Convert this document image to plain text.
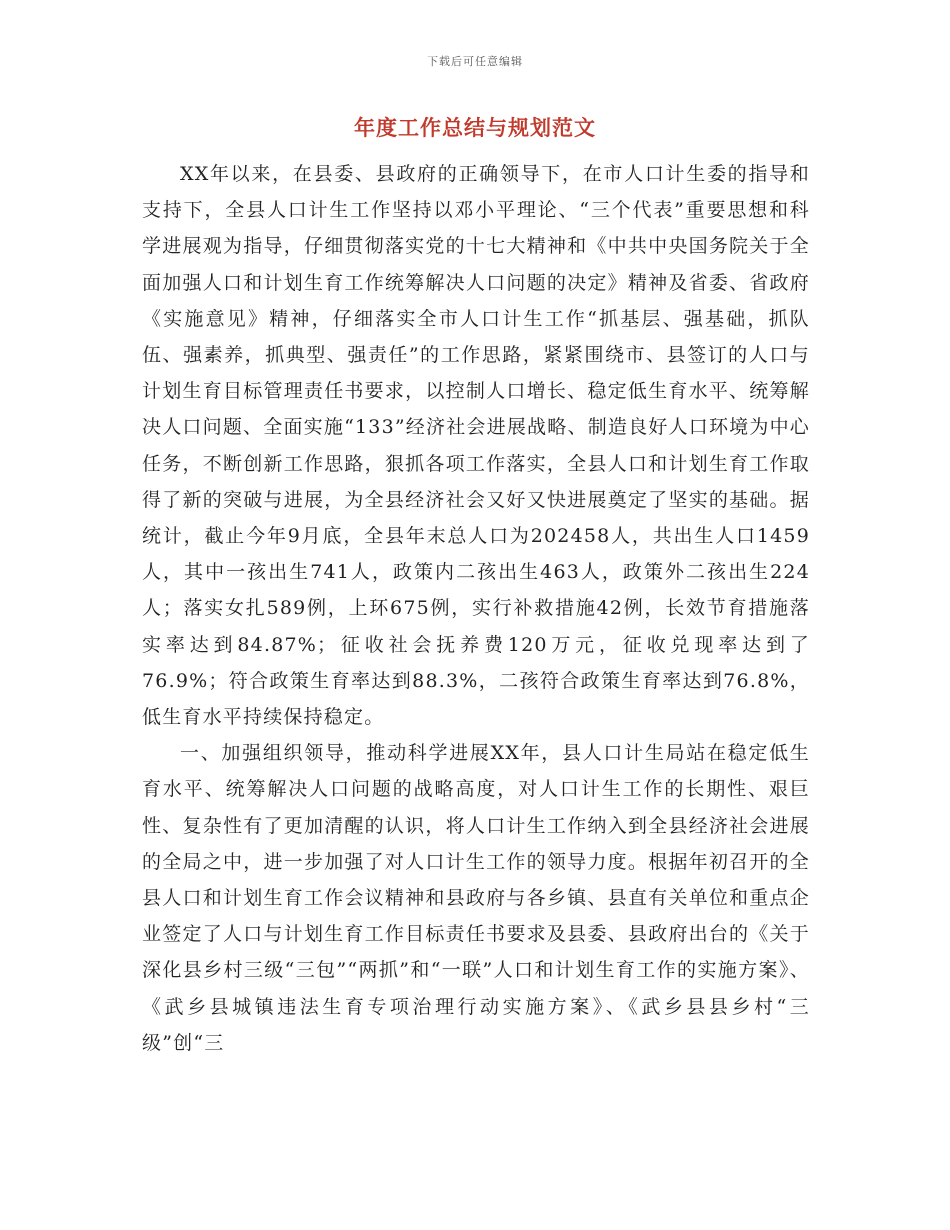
下载后可任意编辑
年度工作总结与规划范文

XX年以来，在县委、县政府的正确领导下，在市人口计生委的指导和支持下，全县人口计生工作坚持以邓小平理论、“三个代表”重要思想和科学进展观为指导，仔细贯彻落实党的十七大精神和《中共中央国务院关于全面加强人口和计划生育工作统筹解决人口问题的决定》精神及省委、省政府《实施意见》精神，仔细落实全市人口计生工作“抓基层、强基础，抓队伍、强素养，抓典型、强责任”的工作思路，紧紧围绕市、县签订的人口与计划生育目标管理责任书要求，以控制人口增长、稳定低生育水平、统筹解决人口问题、全面实施“133”经济社会进展战略、制造良好人口环境为中心任务，不断创新工作思路，狠抓各项工作落实，全县人口和计划生育工作取得了新的突破与进展，为全县经济社会又好又快进展奠定了坚实的基础。据统计，截止今年9月底，全县年末总人口为202458人，共出生人口1459人，其中一孩出生741人，政策内二孩出生463人，政策外二孩出生224人；落实女扎589例，上环675例，实行补救措施42例，长效节育措施落实率达到84.87%；征收社会抚养费120万元，征收兑现率达到了76.9%；符合政策生育率达到88.3%，二孩符合政策生育率达到76.8%，低生育水平持续保持稳定。

一、加强组织领导，推动科学进展XX年，县人口计生局站在稳定低生育水平、统筹解决人口问题的战略高度，对人口计生工作的长期性、艰巨性、复杂性有了更加清醒的认识，将人口计生工作纳入到全县经济社会进展的全局之中，进一步加强了对人口计生工作的领导力度。根据年初召开的全县人口和计划生育工作会议精神和县政府与各乡镇、县直有关单位和重点企业签定了人口与计划生育工作目标责任书要求及县委、县政府出台的《关于深化县乡村三级“三包”“两抓”和“一联”人口和计划生育工作的实施方案》、《武乡县城镇违法生育专项治理行动实施方案》、《武乡县县乡村“三级”创“三
